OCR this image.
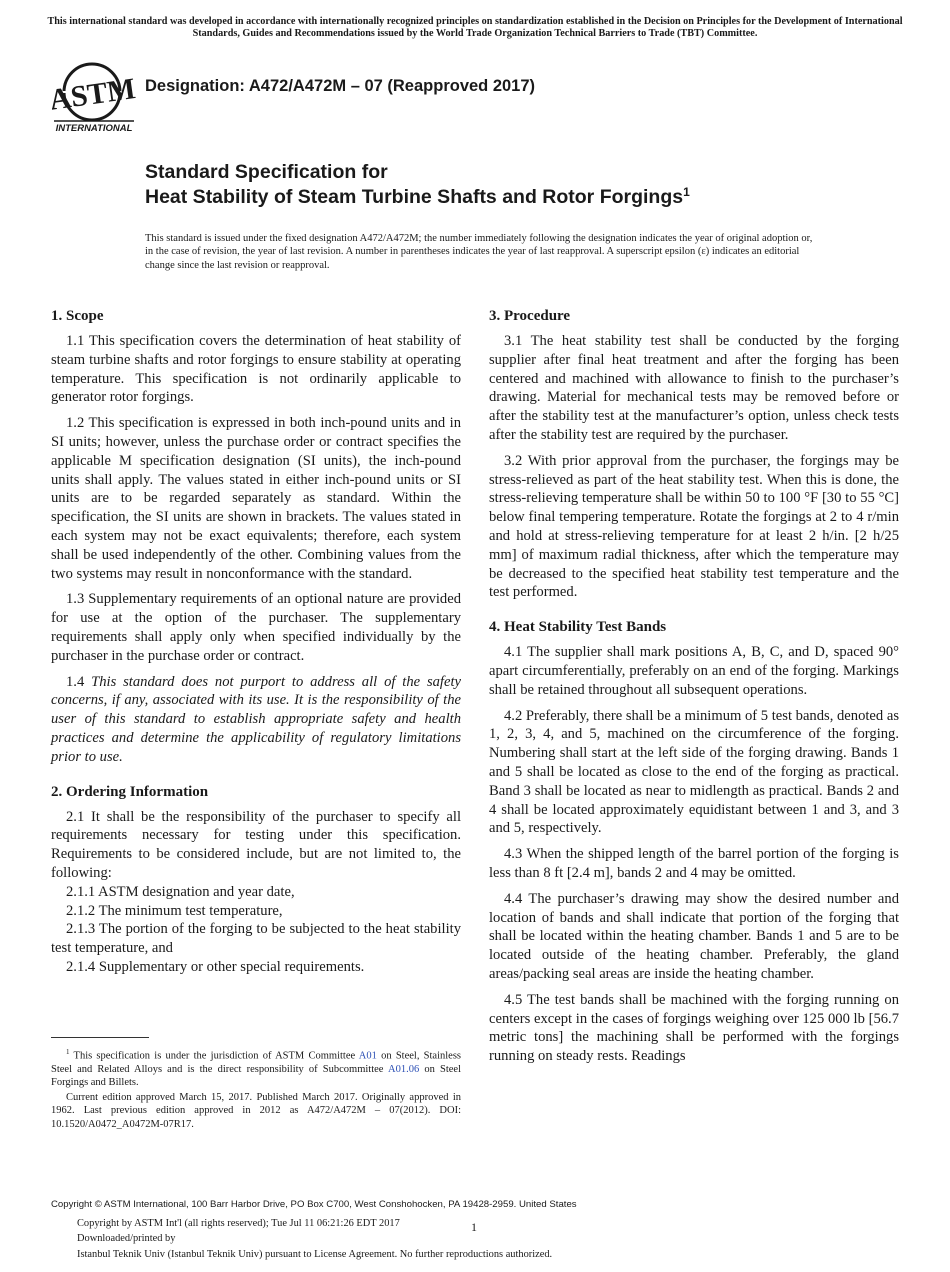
This international standard was developed in accordance with internationally recognized principles on standardization established in the Decision on Principles for the Development of International Standards, Guides and Recommendations issued by the World Trade Organization Technical Barriers to Trade (TBT) Committee.
ASTM
INTERNATIONAL
Designation: A472/A472M – 07 (Reapproved 2017)
Standard Specification for
Heat Stability of Steam Turbine Shafts and Rotor Forgings$^1$
This standard is issued under the fixed designation A472/A472M; the number immediately following the designation indicates the year of original adoption or, in the case of revision, the year of last revision. A number in parentheses indicates the year of last reapproval. A superscript epsilon (ε) indicates an editorial change since the last revision or reapproval.
1. Scope

1.1 This specification covers the determination of heat stability of steam turbine shafts and rotor forgings to ensure stability at operating temperature. This specification is not ordinarily applicable to generator rotor forgings.

1.2 This specification is expressed in both inch-pound units and in SI units; however, unless the purchase order or contract specifies the applicable M specification designation (SI units), the inch-pound units shall apply. The values stated in either inch-pound units or SI units are to be regarded separately as standard. Within the specification, the SI units are shown in brackets. The values stated in each system may not be exact equivalents; therefore, each system shall be used independently of the other. Combining values from the two systems may result in nonconformance with the standard.

1.3 Supplementary requirements of an optional nature are provided for use at the option of the purchaser. The supplementary requirements shall apply only when specified individually by the purchaser in the purchase order or contract.

1.4 This standard does not purport to address all of the safety concerns, if any, associated with its use. It is the responsibility of the user of this standard to establish appropriate safety and health practices and determine the applicability of regulatory limitations prior to use.

2. Ordering Information

2.1 It shall be the responsibility of the purchaser to specify all requirements necessary for testing under this specification. Requirements to be considered include, but are not limited to, the following:

2.1.1 ASTM designation and year date,

2.1.2 The minimum test temperature,

2.1.3 The portion of the forging to be subjected to the heat stability test temperature, and

2.1.4 Supplementary or other special requirements.

3. Procedure

3.1 The heat stability test shall be conducted by the forging supplier after final heat treatment and after the forging has been centered and machined with allowance to finish to the purchaser’s drawing. Material for mechanical tests may be removed before or after the stability test at the manufacturer’s option, unless check tests after the stability test are required by the purchaser.

3.2 With prior approval from the purchaser, the forgings may be stress-relieved as part of the heat stability test. When this is done, the stress-relieving temperature shall be within 50 to 100 °F [30 to 55 °C] below final tempering temperature. Rotate the forgings at 2 to 4 r/min and hold at stress-relieving temperature for at least 2 h/in. [2 h/25 mm] of maximum radial thickness, after which the temperature may be decreased to the specified heat stability test temperature and the test performed.

4. Heat Stability Test Bands

4.1 The supplier shall mark positions A, B, C, and D, spaced 90° apart circumferentially, preferably on an end of the forging. Markings shall be retained throughout all subsequent operations.

4.2 Preferably, there shall be a minimum of 5 test bands, denoted as 1, 2, 3, 4, and 5, machined on the circumference of the forging. Numbering shall start at the left side of the forging drawing. Bands 1 and 5 shall be located as close to the end of the forging as practical. Band 3 shall be located as near to midlength as practical. Bands 2 and 4 shall be located approximately equidistant between 1 and 3, and 3 and 5, respectively.

4.3 When the shipped length of the barrel portion of the forging is less than 8 ft [2.4 m], bands 2 and 4 may be omitted.

4.4 The purchaser’s drawing may show the desired number and location of bands and shall indicate that portion of the forging that shall be located within the heating chamber. Bands 1 and 5 are to be located outside of the heating chamber. Preferably, the gland areas/packing seal areas are inside the heating chamber.

4.5 The test bands shall be machined with the forging running on centers except in the cases of forgings weighing over 125 000 lb [56.7 metric tons] the machining shall be performed with the forgings running on steady rests. Readings

$^1$ This specification is under the jurisdiction of ASTM Committee A01 on Steel, Stainless Steel and Related Alloys and is the direct responsibility of Subcommittee A01.06 on Steel Forgings and Billets.

Current edition approved March 15, 2017. Published March 2017. Originally approved in 1962. Last previous edition approved in 2012 as A472/A472M – 07(2012). DOI: 10.1520/A0472_A0472M-07R17.

Copyright © ASTM International, 100 Barr Harbor Drive, PO Box C700, West Conshohocken, PA 19428-2959. United States
1
Copyright by ASTM Int'l (all rights reserved); Tue Jul 11 06:21:26 EDT 2017
Downloaded/printed by
Istanbul Teknik Univ (Istanbul Teknik Univ) pursuant to License Agreement. No further reproductions authorized.
